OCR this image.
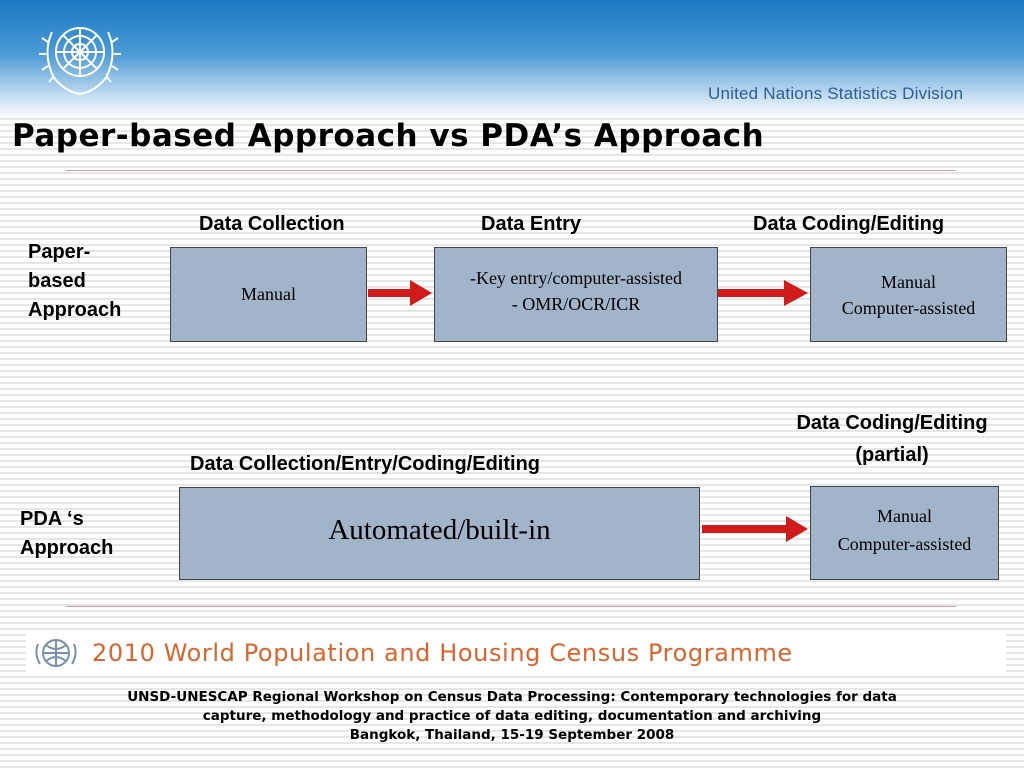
United Nations Statistics Division
Paper-based Approach vs PDA’s Approach
Data Collection	Data Entry	Data Coding/Editing
Paper-
based
Approach
Manual
-Key entry/computer-assisted
- OMR/OCR/ICR
Manual
Computer-assisted
Data Coding/Editing
(partial)
Data Collection/Entry/Coding/Editing
PDA ‘s
Approach
Automated/built-in	Manual
Computer-assisted
2010 World Population and Housing Census Programme
UNSD-UNESCAP Regional Workshop on Census Data Processing: Contemporary technologies for data
capture, methodology and practice of data editing, documentation and archiving
Bangkok, Thailand, 15-19 September 2008
